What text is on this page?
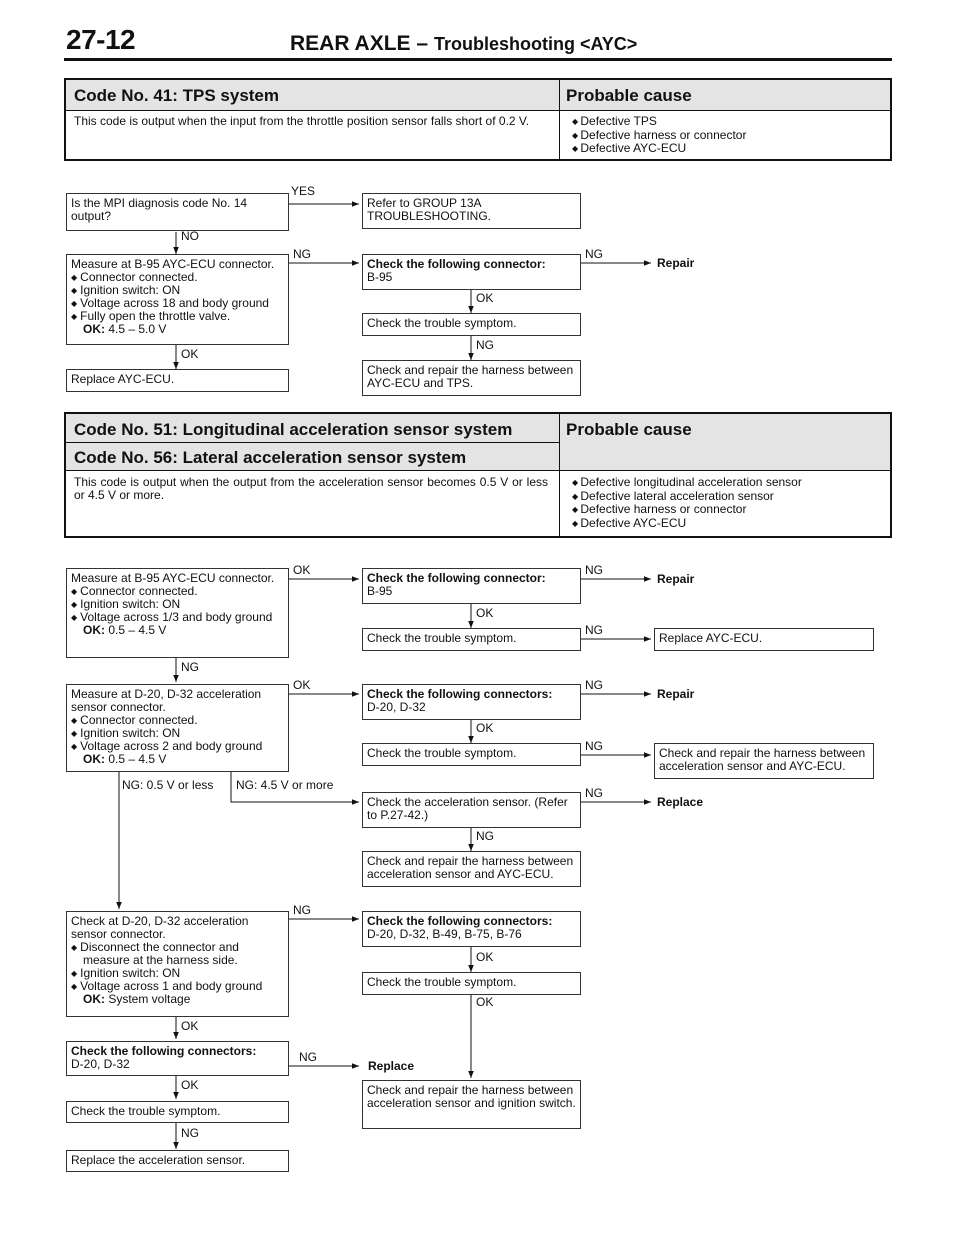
27-12	REAR AXLE – Troubleshooting <AYC>
Code No. 41: TPS system	Probable cause
This code is output when the input from the throttle position sensor falls short of 0.2 V.
◆	Defective TPS
◆ Defective harness or connector
◆ Defective AYC-ECU
Code No. 51: Longitudinal acceleration sensor system
Code No. 56: Lateral acceleration sensor system
Probable cause
This code is output when the output from the acceleration sensor becomes 0.5 V or less or 4.5 V or more.
◆ Defective longitudinal acceleration sensor
◆ Defective lateral acceleration sensor
◆ Defective harness or connector
◆ Defective AYC-ECU
Is the MPI diagnosis code No. 14 output?
Refer to GROUP 13A TROUBLESHOOTING.
Measure at B-95 AYC-ECU connector.
◆ Connector connected.
◆ Ignition switch: ON
◆ Voltage across 18 and body ground
◆ Fully open the throttle valve.
OK: 4.5 – 5.0 V
Check the following connector:
B-95
Repair
Check the trouble symptom.
Check and repair the harness between AYC-ECU and TPS.
Replace AYC-ECU.
YES
NO
NG	NG
OK
NG
OK
Measure at B-95 AYC-ECU connector.
◆ Connector connected.
◆ Ignition switch: ON
◆ Voltage across 1/3 and body ground
OK: 0.5 – 4.5 V
Check the following connector:
B-95
Repair
Check the trouble symptom.	Replace AYC-ECU.
Measure at D-20, D-32 acceleration sensor connector.
◆ Connector connected.
◆ Ignition switch: ON
◆ Voltage across 2 and body ground
OK: 0.5 – 4.5 V
Check the following connectors:
D-20, D-32
Repair
Check the trouble symptom.	Check and repair the harness between acceleration sensor and AYC-ECU.
NG: 0.5 V or less NG: 4.5 V or more
Check the acceleration sensor. (Refer to P.27-42.)
Replace
Check and repair the harness between acceleration sensor and AYC-ECU.
Check at D-20, D-32 acceleration sensor connector.
◆ Disconnect the connector and measure at the harness side.
◆ Ignition switch: ON
◆ Voltage across 1 and body ground
OK: System voltage
Check the following connectors:
D-20, D-32, B-49, B-75, B-76
Check the trouble symptom.
Check the following connectors:
D-20, D-32	Replace
Check and repair the harness between acceleration sensor and ignition switch.
Check the trouble symptom.
Replace the acceleration sensor.
OK	NG
OK
NG
NG
OK	NG
OK
NG
NG
NG
NG
OK
OK
OK
NG
OK
NG
